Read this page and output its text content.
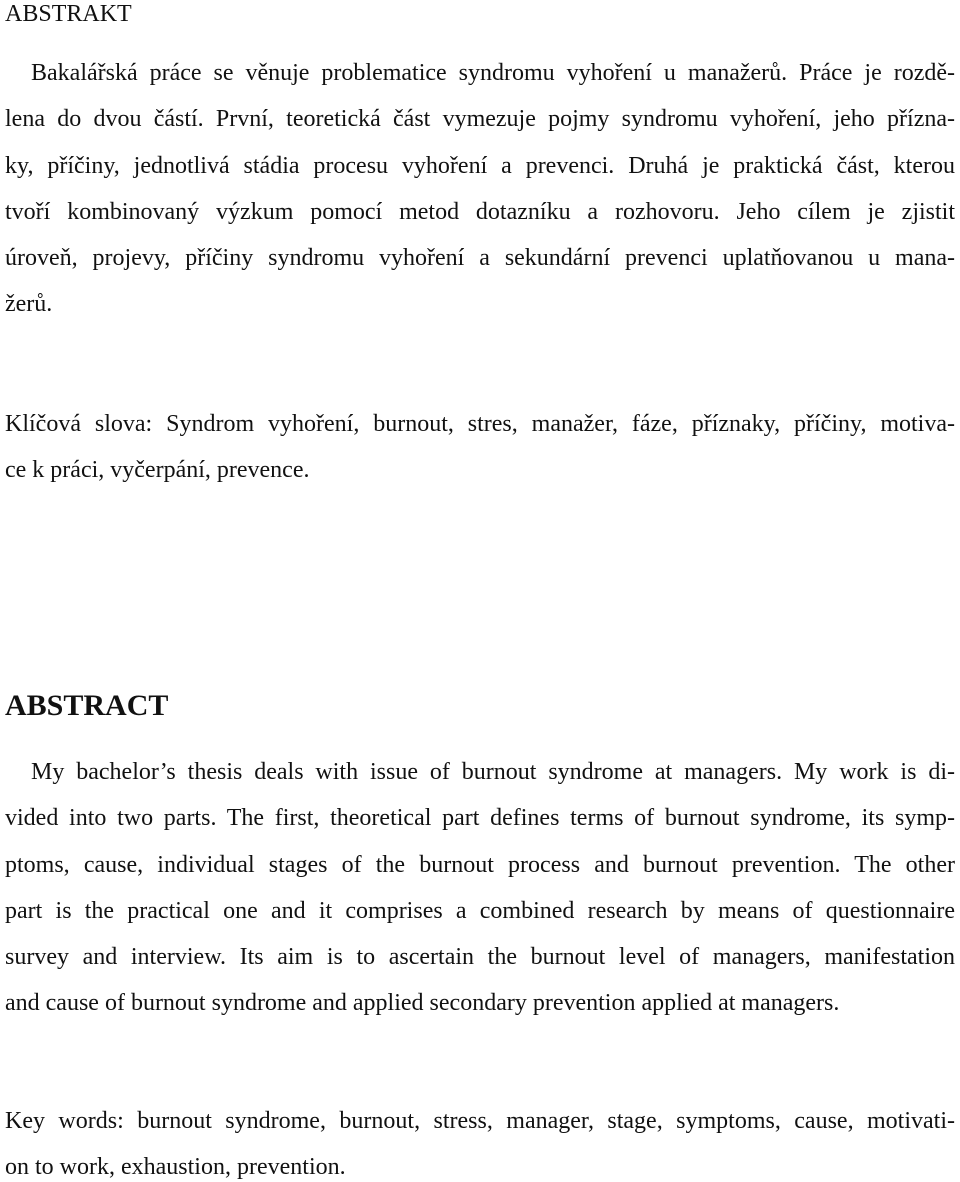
ABSTRAKT

Bakalářská práce se věnuje problematice syndromu vyhoření u manažerů. Práce je rozdě-

lena do dvou částí. První, teoretická část vymezuje pojmy syndromu vyhoření, jeho přízna-

ky, příčiny, jednotlivá stádia procesu vyhoření a prevenci. Druhá je praktická část, kterou

tvoří kombinovaný výzkum pomocí metod dotazníku a rozhovoru. Jeho cílem je zjistit

úroveň, projevy, příčiny syndromu vyhoření a sekundární prevenci uplatňovanou u mana-

žerů.

Klíčová slova: Syndrom vyhoření, burnout, stres, manažer, fáze, příznaky, příčiny, motiva-

ce k práci, vyčerpání, prevence.

ABSTRACT

My bachelor’s thesis deals with issue of burnout syndrome at managers. My work is di-

vided into two parts. The first, theoretical part defines terms of burnout syndrome, its symp-

ptoms, cause, individual stages of the burnout process and burnout prevention. The other

part is the practical one and it comprises a combined research by means of questionnaire

survey and interview. Its aim is to ascertain the burnout level of managers, manifestation

and cause of burnout syndrome and applied secondary prevention applied at managers.

Key words: burnout syndrome, burnout, stress, manager, stage, symptoms, cause, motivati-

on to work, exhaustion, prevention.
